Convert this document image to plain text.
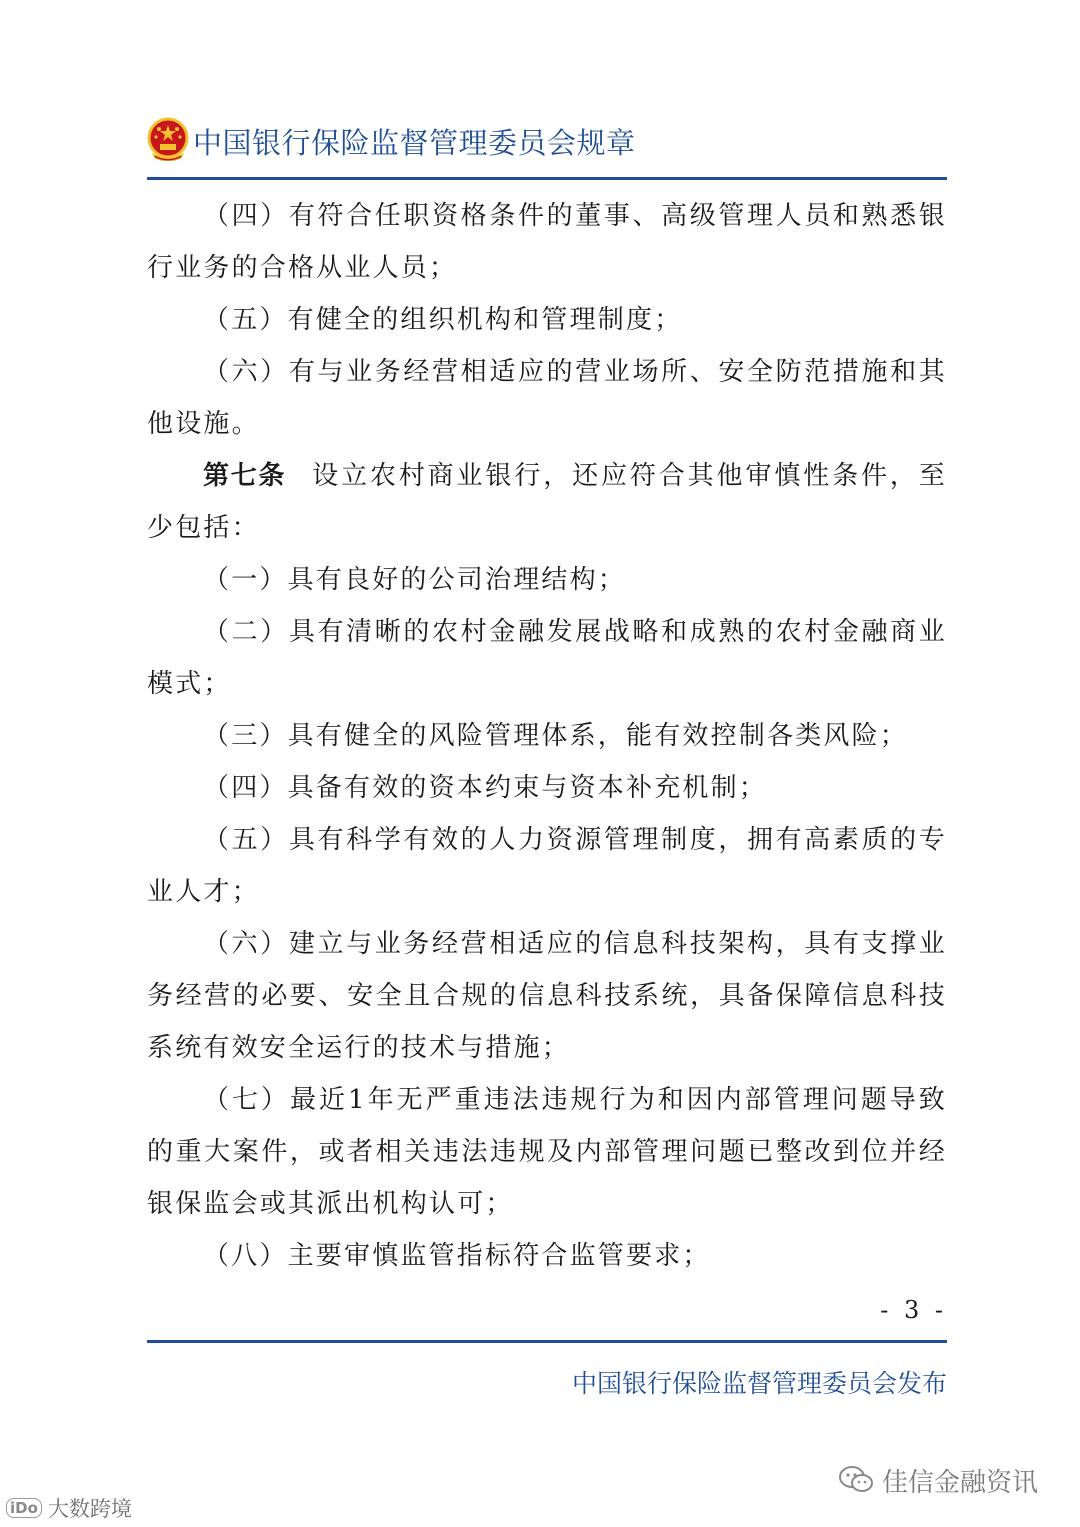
中国银行保险监督管理委员会规章

（四）有符合任职资格条件的董事、高级管理人员和熟悉银行业务的合格从业人员；

（五）有健全的组织机构和管理制度；

（六）有与业务经营相适应的营业场所、安全防范措施和其他设施。

第七条 设立农村商业银行，还应符合其他审慎性条件，至少包括：

（一）具有良好的公司治理结构；

（二）具有清晰的农村金融发展战略和成熟的农村金融商业模式；

（三）具有健全的风险管理体系，能有效控制各类风险；

（四）具备有效的资本约束与资本补充机制；

（五）具有科学有效的人力资源管理制度，拥有高素质的专业人才；

（六）建立与业务经营相适应的信息科技架构，具有支撑业务经营的必要、安全且合规的信息科技系统，具备保障信息科技系统有效安全运行的技术与措施；

（七）最近1年无严重违法违规行为和因内部管理问题导致的重大案件，或者相关违法违规及内部管理问题已整改到位并经银保监会或其派出机构认可；

（八）主要审慎监管指标符合监管要求；

- 3 -
中国银行保险监督管理委员会发布
iDo 大数跨境
佳信金融资讯
